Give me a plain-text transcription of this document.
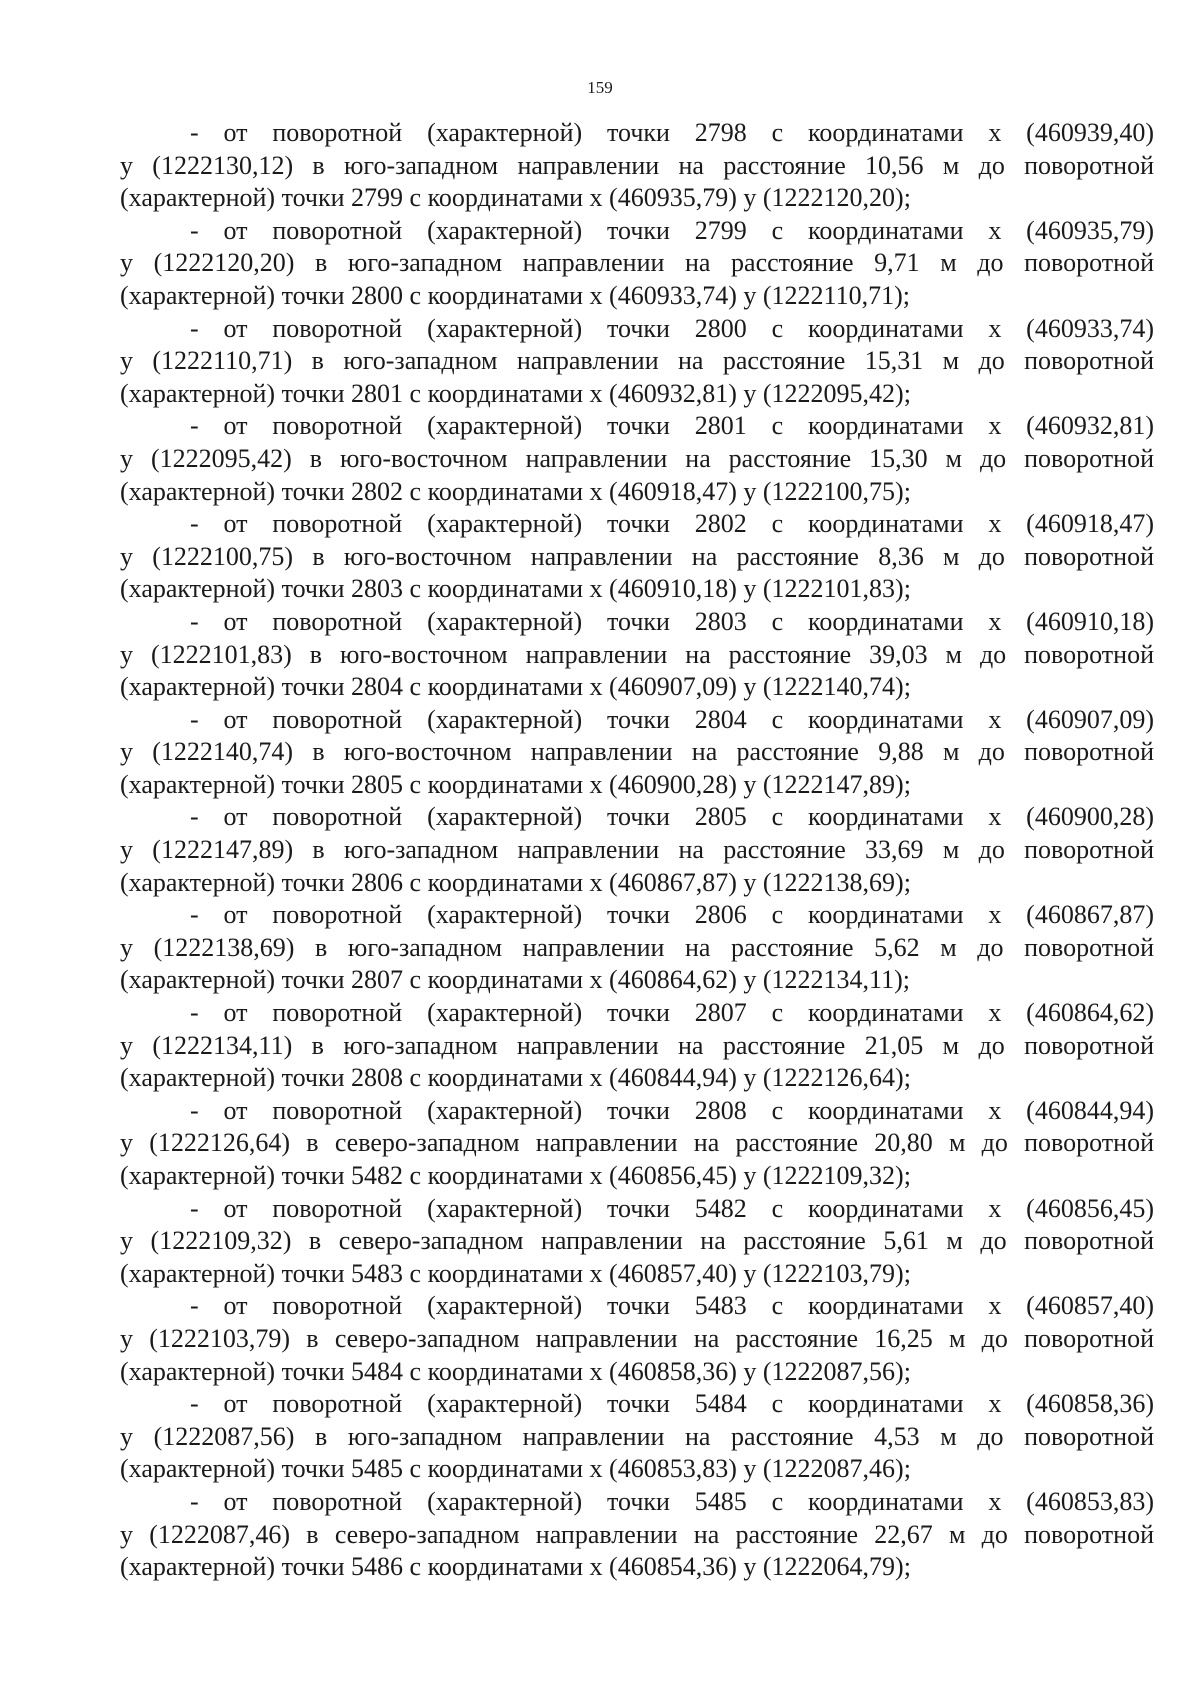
159

- от поворотной (характерной) точки 2798 с координатами х (460939,40)
у (1222130,12) в юго-западном направлении на расстояние 10,56 м до поворотной
(характерной) точки 2799 с координатами х (460935,79) у (1222120,20);

- от поворотной (характерной) точки 2799 с координатами х (460935,79)
у (1222120,20) в юго-западном направлении на расстояние 9,71 м до поворотной
(характерной) точки 2800 с координатами х (460933,74) у (1222110,71);

- от поворотной (характерной) точки 2800 с координатами х (460933,74)
у (1222110,71) в юго-западном направлении на расстояние 15,31 м до поворотной
(характерной) точки 2801 с координатами х (460932,81) у (1222095,42);

- от поворотной (характерной) точки 2801 с координатами х (460932,81)
у (1222095,42) в юго-восточном направлении на расстояние 15,30 м до поворотной
(характерной) точки 2802 с координатами х (460918,47) у (1222100,75);

- от поворотной (характерной) точки 2802 с координатами х (460918,47)
у (1222100,75) в юго-восточном направлении на расстояние 8,36 м до поворотной
(характерной) точки 2803 с координатами х (460910,18) у (1222101,83);

- от поворотной (характерной) точки 2803 с координатами х (460910,18)
у (1222101,83) в юго-восточном направлении на расстояние 39,03 м до поворотной
(характерной) точки 2804 с координатами х (460907,09) у (1222140,74);

- от поворотной (характерной) точки 2804 с координатами х (460907,09)
у (1222140,74) в юго-восточном направлении на расстояние 9,88 м до поворотной
(характерной) точки 2805 с координатами х (460900,28) у (1222147,89);

- от поворотной (характерной) точки 2805 с координатами х (460900,28)
у (1222147,89) в юго-западном направлении на расстояние 33,69 м до поворотной
(характерной) точки 2806 с координатами х (460867,87) у (1222138,69);

- от поворотной (характерной) точки 2806 с координатами х (460867,87)
у (1222138,69) в юго-западном направлении на расстояние 5,62 м до поворотной
(характерной) точки 2807 с координатами х (460864,62) у (1222134,11);

- от поворотной (характерной) точки 2807 с координатами х (460864,62)
у (1222134,11) в юго-западном направлении на расстояние 21,05 м до поворотной
(характерной) точки 2808 с координатами х (460844,94) у (1222126,64);

- от поворотной (характерной) точки 2808 с координатами х (460844,94)
у (1222126,64) в северо-западном направлении на расстояние 20,80 м до поворотной
(характерной) точки 5482 с координатами х (460856,45) у (1222109,32);

- от поворотной (характерной) точки 5482 с координатами х (460856,45)
у (1222109,32) в северо-западном направлении на расстояние 5,61 м до поворотной
(характерной) точки 5483 с координатами х (460857,40) у (1222103,79);

- от поворотной (характерной) точки 5483 с координатами х (460857,40)
у (1222103,79) в северо-западном направлении на расстояние 16,25 м до поворотной
(характерной) точки 5484 с координатами х (460858,36) у (1222087,56);

- от поворотной (характерной) точки 5484 с координатами х (460858,36)
у (1222087,56) в юго-западном направлении на расстояние 4,53 м до поворотной
(характерной) точки 5485 с координатами х (460853,83) у (1222087,46);

- от поворотной (характерной) точки 5485 с координатами х (460853,83)
у (1222087,46) в северо-западном направлении на расстояние 22,67 м до поворотной
(характерной) точки 5486 с координатами х (460854,36) у (1222064,79);
